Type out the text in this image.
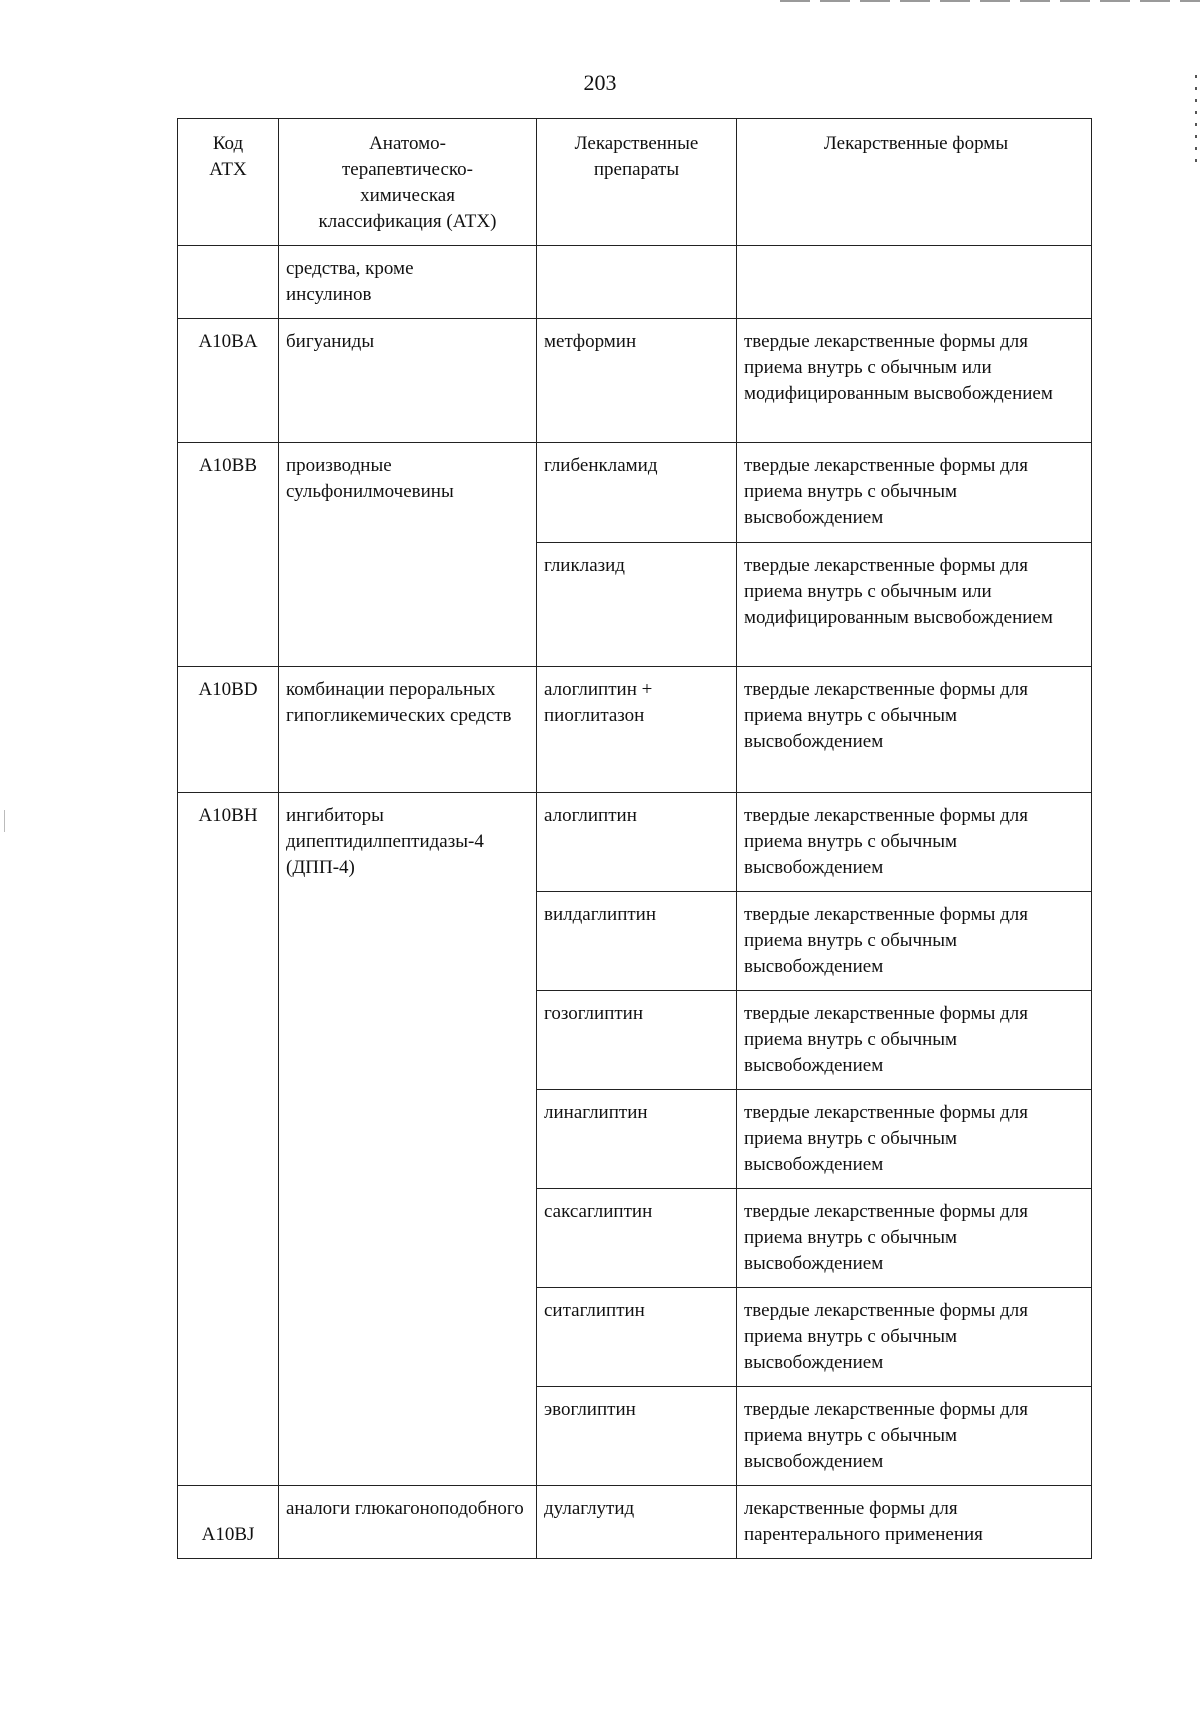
203
Код АТХ	Анатомо-терапевтическо-химическая классификация (АТХ)	Лекарственные препараты	Лекарственные формы
	средства, кроме инсулинов		
A10BA	бигуаниды	метформин	твердые лекарственные формы для приема внутрь с обычным или модифицированным высвобождением
A10BB	производные сульфонилмочевины	глибенкламид	твердые лекарственные формы для приема внутрь с обычным высвобождением
		гликлазид	твердые лекарственные формы для приема внутрь с обычным или модифицированным высвобождением
A10BD	комбинации пероральных гипогликемических средств	алоглиптин + пиоглитазон	твердые лекарственные формы для приема внутрь с обычным высвобождением
A10BH	ингибиторы дипептидилпептидазы-4 (ДПП-4)	алоглиптин	твердые лекарственные формы для приема внутрь с обычным высвобождением
		вилдаглиптин	твердые лекарственные формы для приема внутрь с обычным высвобождением
		гозоглиптин	твердые лекарственные формы для приема внутрь с обычным высвобождением
		линаглиптин	твердые лекарственные формы для приема внутрь с обычным высвобождением
		саксаглиптин	твердые лекарственные формы для приема внутрь с обычным высвобождением
		ситаглиптин	твердые лекарственные формы для приема внутрь с обычным высвобождением
		эвоглиптин	твердые лекарственные формы для приема внутрь с обычным высвобождением
A10BJ	аналоги глюкагоноподобного	дулаглутид	лекарственные формы для парентерального применения
